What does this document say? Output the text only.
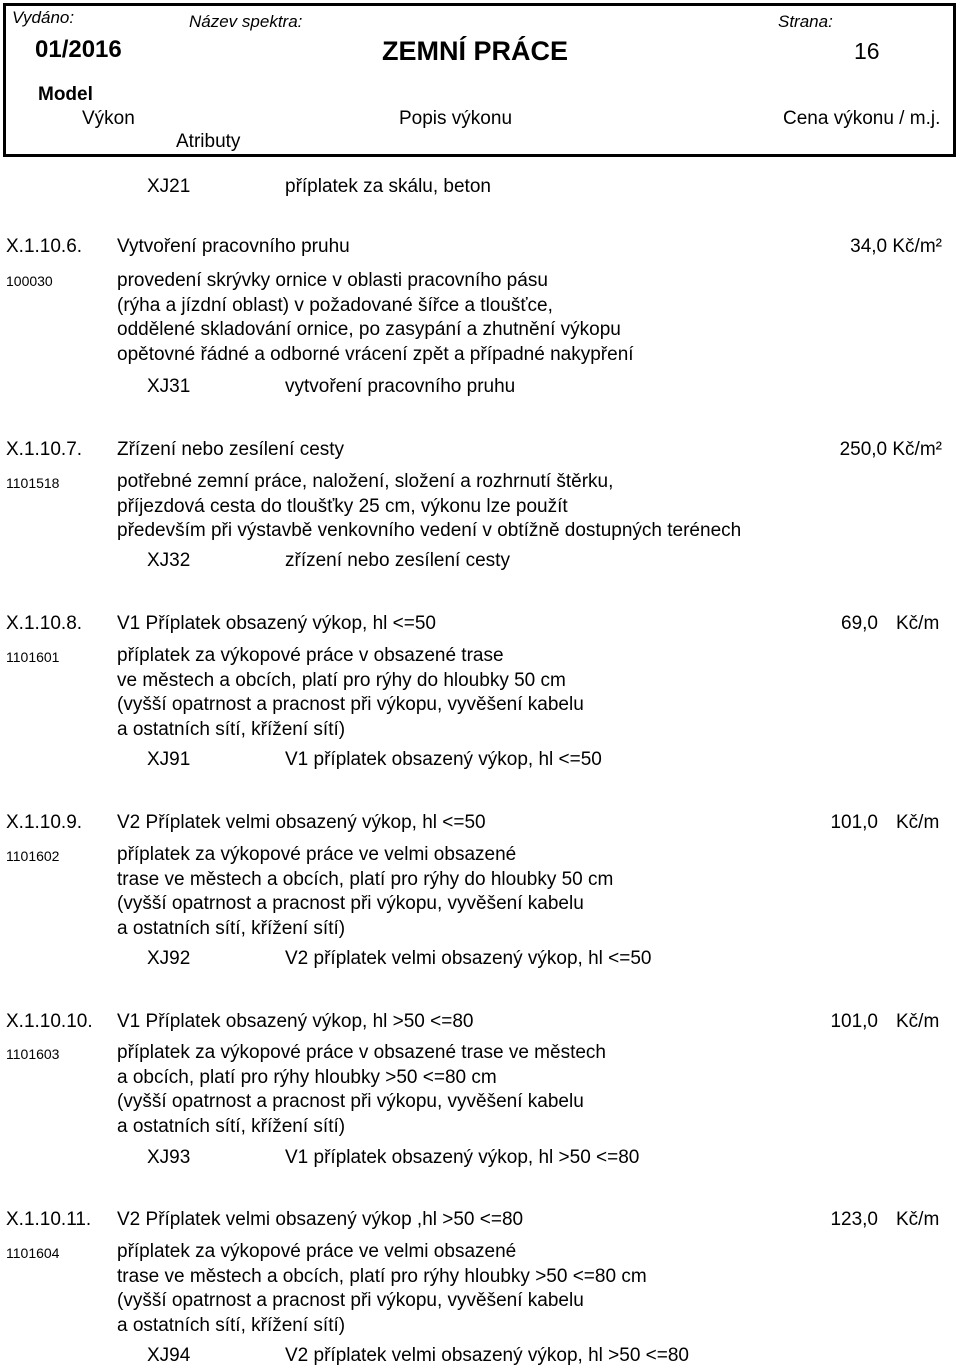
Vydáno:
01/2016
Název spektra:
ZEMNÍ PRÁCE
Strana:
16
Model
Výkon	Popis výkonu	Cena výkonu / m.j.
Atributy
XJ21	příplatek za skálu, beton
X.1.10.6. Vytvoření pracovního pruhu	34,0 Kč/m²
100030	provedení skrývky ornice v oblasti pracovního pásu
(rýha a jízdní oblast) v požadované šířce a tloušťce,
oddělené skladování ornice, po zasypání a zhutnění výkopu
opětovné řádné a odborné vrácení zpět a případné nakypření
XJ31	vytvoření pracovního pruhu
X.1.10.7. Zřízení nebo zesílení cesty	250,0 Kč/m²
1101518	potřebné zemní práce, naložení, složení a rozhrnutí štěrku,
příjezdová cesta do tloušťky 25 cm, výkonu lze použít
především při výstavbě venkovního vedení v obtížně dostupných terénech
XJ32	zřízení nebo zesílení cesty
X.1.10.8. V1 Příplatek obsazený výkop, hl <=50	69,0 Kč/m
1101601	příplatek za výkopové práce v obsazené trase
ve městech a obcích, platí pro rýhy do hloubky 50 cm
(vyšší opatrnost a pracnost při výkopu, vyvěšení kabelu
a ostatních sítí, křížení sítí)
XJ91	V1 příplatek obsazený výkop, hl <=50
X.1.10.9. V2 Příplatek velmi obsazený výkop, hl <=50	101,0 Kč/m
1101602	příplatek za výkopové práce ve velmi obsazené
trase ve městech a obcích, platí pro rýhy do hloubky 50 cm
(vyšší opatrnost a pracnost při výkopu, vyvěšení kabelu
a ostatních sítí, křížení sítí)
XJ92	V2 příplatek velmi obsazený výkop, hl <=50
X.1.10.10. V1 Příplatek obsazený výkop, hl >50 <=80	101,0 Kč/m
1101603	příplatek za výkopové práce v obsazené trase ve městech
a obcích, platí pro rýhy hloubky >50 <=80 cm
(vyšší opatrnost a pracnost při výkopu, vyvěšení kabelu
a ostatních sítí, křížení sítí)
XJ93	V1 příplatek obsazený výkop, hl >50 <=80
X.1.10.11. V2 Příplatek velmi obsazený výkop ,hl >50 <=80	123,0 Kč/m
1101604	příplatek za výkopové práce ve velmi obsazené
trase ve městech a obcích, platí pro rýhy hloubky >50 <=80 cm
(vyšší opatrnost a pracnost při výkopu, vyvěšení kabelu
a ostatních sítí, křížení sítí)
XJ94	V2 příplatek velmi obsazený výkop, hl >50 <=80
